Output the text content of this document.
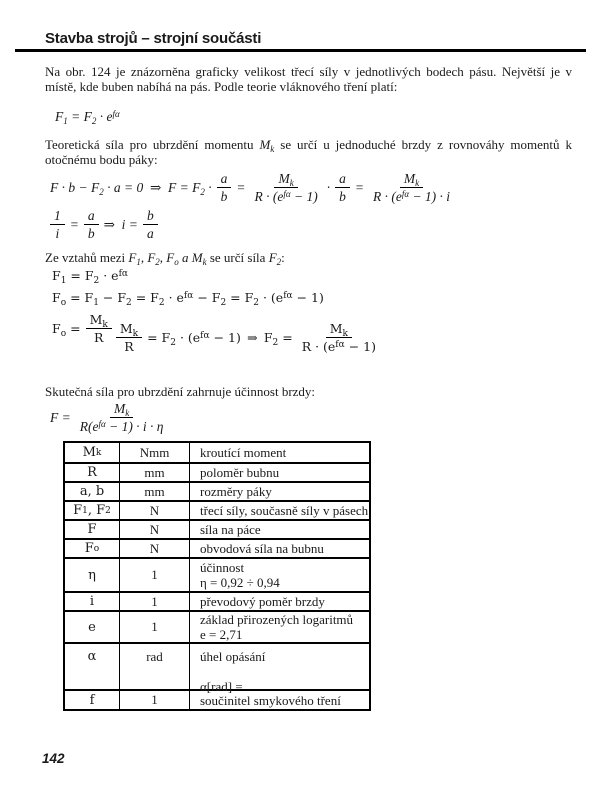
Stavba strojů – strojní součásti

Na obr. 124 je znázorněna graficky velikost třecí síly v jednotlivých bodech pásu. Největší je v místě, kde buben nabíhá na pás. Podle teorie vláknového tření platí:

$F_1 = F_2 \cdot e^{f\alpha}$

Teoretická síla pro ubrzdění momentu $M_k$ se určí u jednoduché brzdy z rovnováhy momentů k otočnému bodu páky:

$F \cdot b - F_2 \cdot a = 0$ ⇒ $F = F_2 \cdot \frac{a}{b} = \frac{M_k}{R \cdot (e^{f\alpha} - 1)} \cdot \frac{a}{b} = \frac{M_k}{R \cdot (e^{f\alpha} - 1) \cdot i}$
$\frac{1}{i} = \frac{a}{b}$ ⇒ $i = \frac{b}{a}$

Ze vztahů mezi $F_1$, $F_2$, $F_o$ a $M_k$ se určí síla $F_2$:

$F_1 = F_2 \cdot e^{f\alpha}$
$F_o = F_1 - F_2 = F_2 \cdot e^{f\alpha} - F_2 = F_2 \cdot (e^{f\alpha} - 1)$
$F_o = \frac{M_k}{R}$
$\frac{M_k}{R} = F_2 \cdot (e^{f\alpha} - 1)$ ⇒ $F_2 = \frac{M_k}{R \cdot (e^{f\alpha} - 1)}$

Skutečná síla pro ubrzdění zahrnuje účinnost brzdy:

$F = \frac{M_k}{R(e^{f\alpha} - 1) \cdot i \cdot \eta}$
M k	Nmm	kroutící moment
R	mm	poloměr bubnu
a, b	mm	rozměry páky
F 1 , F 2	N	třecí síly, současně síly v pásech
F	N	síla na páce
F o	N	obvodová síla na bubnu
η	1	účinnost
η = 0,92 ÷ 0,94
i	1	převodový poměr brzdy
e	1	základ přirozených logaritmů
e = 2,71
α	rad	úhel opásání

α[rad] =
f	1	součinitel smykového tření
142
